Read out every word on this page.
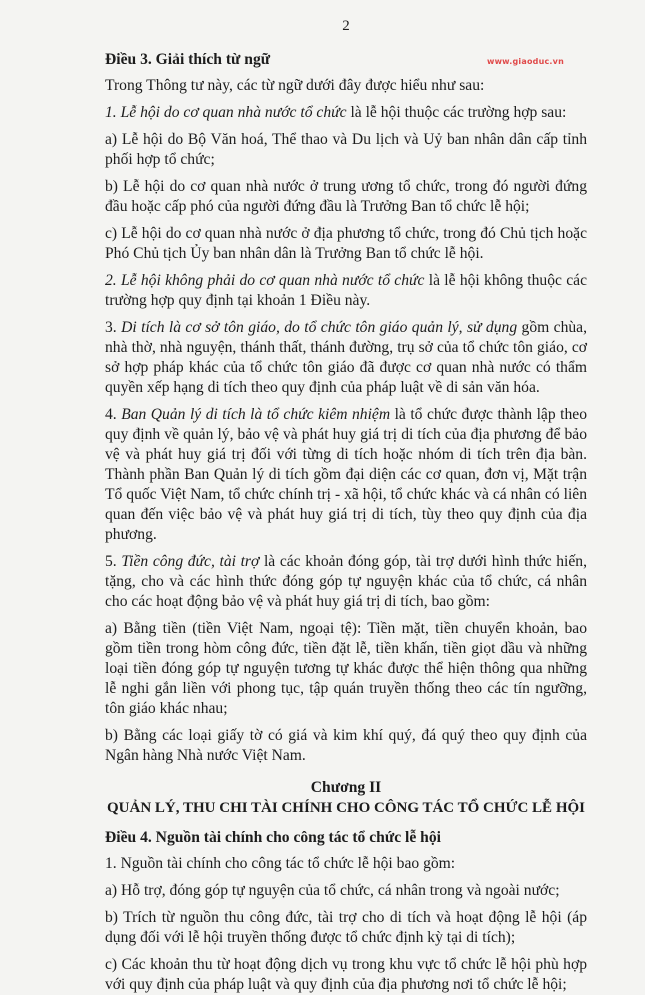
2
www.giaoduc.vn

Điều 3. Giải thích từ ngữ

Trong Thông tư này, các từ ngữ dưới đây được hiểu như sau:

1. Lễ hội do cơ quan nhà nước tổ chức là lễ hội thuộc các trường hợp sau:

a) Lễ hội do Bộ Văn hoá, Thể thao và Du lịch và Uỷ ban nhân dân cấp tỉnh phối hợp tổ chức;

b) Lễ hội do cơ quan nhà nước ở trung ương tổ chức, trong đó người đứng đầu hoặc cấp phó của người đứng đầu là Trưởng Ban tổ chức lễ hội;

c) Lễ hội do cơ quan nhà nước ở địa phương tổ chức, trong đó Chủ tịch hoặc Phó Chủ tịch Ủy ban nhân dân là Trưởng Ban tổ chức lễ hội.

2. Lễ hội không phải do cơ quan nhà nước tổ chức là lễ hội không thuộc các trường hợp quy định tại khoản 1 Điều này.

3. Di tích là cơ sở tôn giáo, do tổ chức tôn giáo quản lý, sử dụng gồm chùa, nhà thờ, nhà nguyện, thánh thất, thánh đường, trụ sở của tổ chức tôn giáo, cơ sở hợp pháp khác của tổ chức tôn giáo đã được cơ quan nhà nước có thẩm quyền xếp hạng di tích theo quy định của pháp luật về di sản văn hóa.

4. Ban Quản lý di tích là tổ chức kiêm nhiệm là tổ chức được thành lập theo quy định về quản lý, bảo vệ và phát huy giá trị di tích của địa phương để bảo vệ và phát huy giá trị đối với từng di tích hoặc nhóm di tích trên địa bàn. Thành phần Ban Quản lý di tích gồm đại diện các cơ quan, đơn vị, Mặt trận Tổ quốc Việt Nam, tổ chức chính trị - xã hội, tổ chức khác và cá nhân có liên quan đến việc bảo vệ và phát huy giá trị di tích, tùy theo quy định của địa phương.

5. Tiền công đức, tài trợ là các khoản đóng góp, tài trợ dưới hình thức hiến, tặng, cho và các hình thức đóng góp tự nguyện khác của tổ chức, cá nhân cho các hoạt động bảo vệ và phát huy giá trị di tích, bao gồm:

a) Bằng tiền (tiền Việt Nam, ngoại tệ): Tiền mặt, tiền chuyển khoản, bao gồm tiền trong hòm công đức, tiền đặt lễ, tiền khấn, tiền giọt dầu và những loại tiền đóng góp tự nguyện tương tự khác được thể hiện thông qua những lễ nghi gắn liền với phong tục, tập quán truyền thống theo các tín ngưỡng, tôn giáo khác nhau;

b) Bằng các loại giấy tờ có giá và kim khí quý, đá quý theo quy định của Ngân hàng Nhà nước Việt Nam.

Chương II

QUẢN LÝ, THU CHI TÀI CHÍNH CHO CÔNG TÁC TỔ CHỨC LỄ HỘI

Điều 4. Nguồn tài chính cho công tác tổ chức lễ hội

1. Nguồn tài chính cho công tác tổ chức lễ hội bao gồm:

a) Hỗ trợ, đóng góp tự nguyện của tổ chức, cá nhân trong và ngoài nước;

b) Trích từ nguồn thu công đức, tài trợ cho di tích và hoạt động lễ hội (áp dụng đối với lễ hội truyền thống được tổ chức định kỳ tại di tích);

c) Các khoản thu từ hoạt động dịch vụ trong khu vực tổ chức lễ hội phù hợp với quy định của pháp luật và quy định của địa phương nơi tổ chức lễ hội;
